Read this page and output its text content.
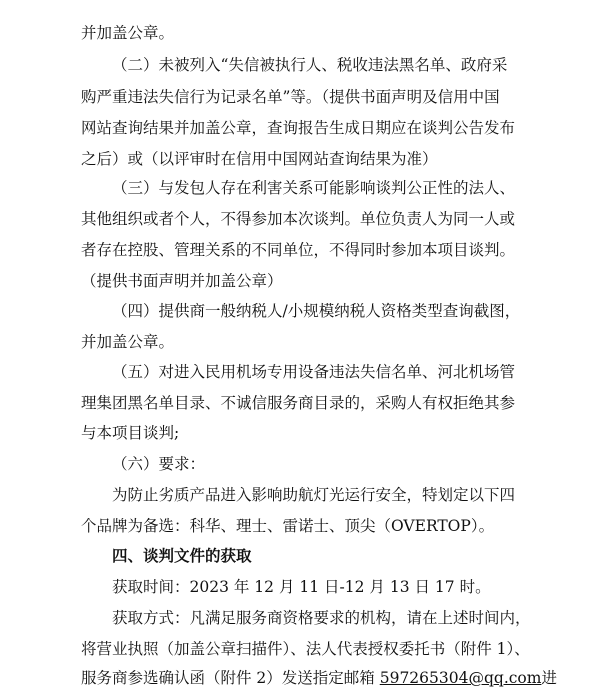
并加盖公章。
（二）未被列入“失信被执行人、税收违法黑名单、政府采
购严重违法失信行为记录名单”等。（提供书面声明及信用中国
网站查询结果并加盖公章，查询报告生成日期应在谈判公告发布
之后）或（以评审时在信用中国网站查询结果为准）
（三）与发包人存在利害关系可能影响谈判公正性的法人、
其他组织或者个人，不得参加本次谈判。单位负责人为同一人或
者存在控股、管理关系的不同单位，不得同时参加本项目谈判。
（提供书面声明并加盖公章）
（四）提供商一般纳税人/小规模纳税人资格类型查询截图，
并加盖公章。
（五）对进入民用机场专用设备违法失信名单、河北机场管
理集团黑名单目录、不诚信服务商目录的，采购人有权拒绝其参
与本项目谈判;
（六）要求：
为防止劣质产品进入影响助航灯光运行安全，特划定以下四
个品牌为备选：科华、理士、雷诺士、顶尖（OVERTOP）。
四、谈判文件的获取
获取时间：2023 年 12 月 11 日-12 月 13 日 17 时。
获取方式：凡满足服务商资格要求的机构，请在上述时间内，
将营业执照（加盖公章扫描件）、法人代表授权委托书（附件 1）、
服务商参选确认函（附件 2）发送指定邮箱 597265304@qq.com进
